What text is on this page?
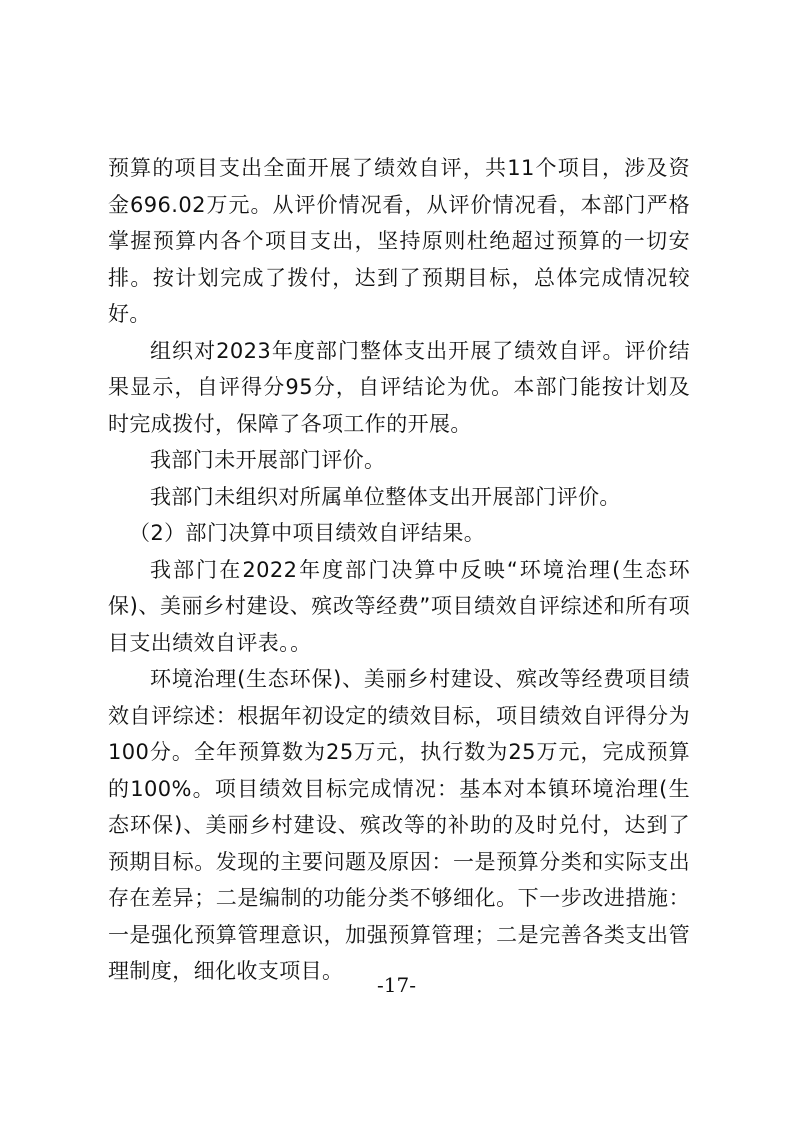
预算的项目支出全面开展了绩效自评，共11个项目，涉及资金696.02万元。从评价情况看，从评价情况看，本部门严格掌握预算内各个项目支出，坚持原则杜绝超过预算的一切安排。按计划完成了拨付，达到了预期目标，总体完成情况较好。

组织对2023年度部门整体支出开展了绩效自评。评价结果显示，自评得分95分，自评结论为优。本部门能按计划及时完成拨付，保障了各项工作的开展。

我部门未开展部门评价。

我部门未组织对所属单位整体支出开展部门评价。

（2）部门决算中项目绩效自评结果。

我部门在2022年度部门决算中反映“环境治理(生态环保)、美丽乡村建设、殡改等经费”项目绩效自评综述和所有项目支出绩效自评表。。

环境治理(生态环保)、美丽乡村建设、殡改等经费项目绩效自评综述：根据年初设定的绩效目标，项目绩效自评得分为100分。全年预算数为25万元，执行数为25万元，完成预算的100%。项目绩效目标完成情况：基本对本镇环境治理(生态环保)、美丽乡村建设、殡改等的补助的及时兑付，达到了预期目标。发现的主要问题及原因：一是预算分类和实际支出存在差异；二是编制的功能分类不够细化。下一步改进措施：一是强化预算管理意识，加强预算管理；二是完善各类支出管理制度，细化收支项目。

-17-
